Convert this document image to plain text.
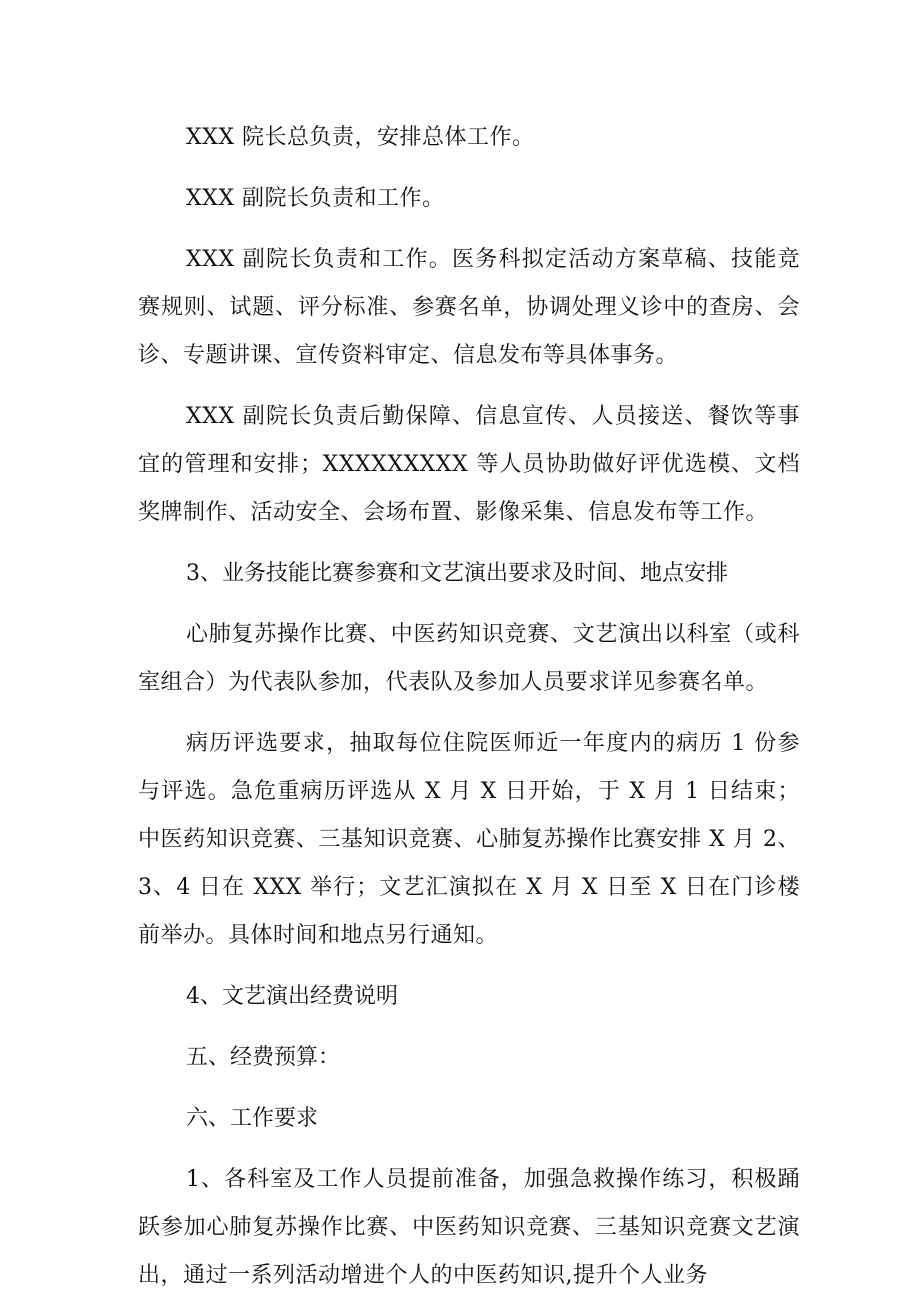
XXX 院长总负责，安排总体工作。

XXX 副院长负责和工作。

XXX 副院长负责和工作。医务科拟定活动方案草稿、技能竞赛规则、试题、评分标准、参赛名单，协调处理义诊中的查房、会诊、专题讲课、宣传资料审定、信息发布等具体事务。

XXX 副院长负责后勤保障、信息宣传、人员接送、餐饮等事宜的管理和安排；XXXXXXXXX 等人员协助做好评优选模、文档奖牌制作、活动安全、会场布置、影像采集、信息发布等工作。

3、业务技能比赛参赛和文艺演出要求及时间、地点安排

心肺复苏操作比赛、中医药知识竞赛、文艺演出以科室（或科室组合）为代表队参加，代表队及参加人员要求详见参赛名单。

病历评选要求，抽取每位住院医师近一年度内的病历 1 份参与评选。急危重病历评选从 X 月 X 日开始，于 X 月 1 日结束；中医药知识竞赛、三基知识竞赛、心肺复苏操作比赛安排 X 月 2、3、4 日在 XXX 举行；文艺汇演拟在 X 月 X 日至 X 日在门诊楼前举办。具体时间和地点另行通知。

4、文艺演出经费说明

五、经费预算：

六、工作要求

1、各科室及工作人员提前准备，加强急救操作练习，积极踊跃参加心肺复苏操作比赛、中医药知识竞赛、三基知识竞赛文艺演出，通过一系列活动增进个人的中医药知识,提升个人业务
